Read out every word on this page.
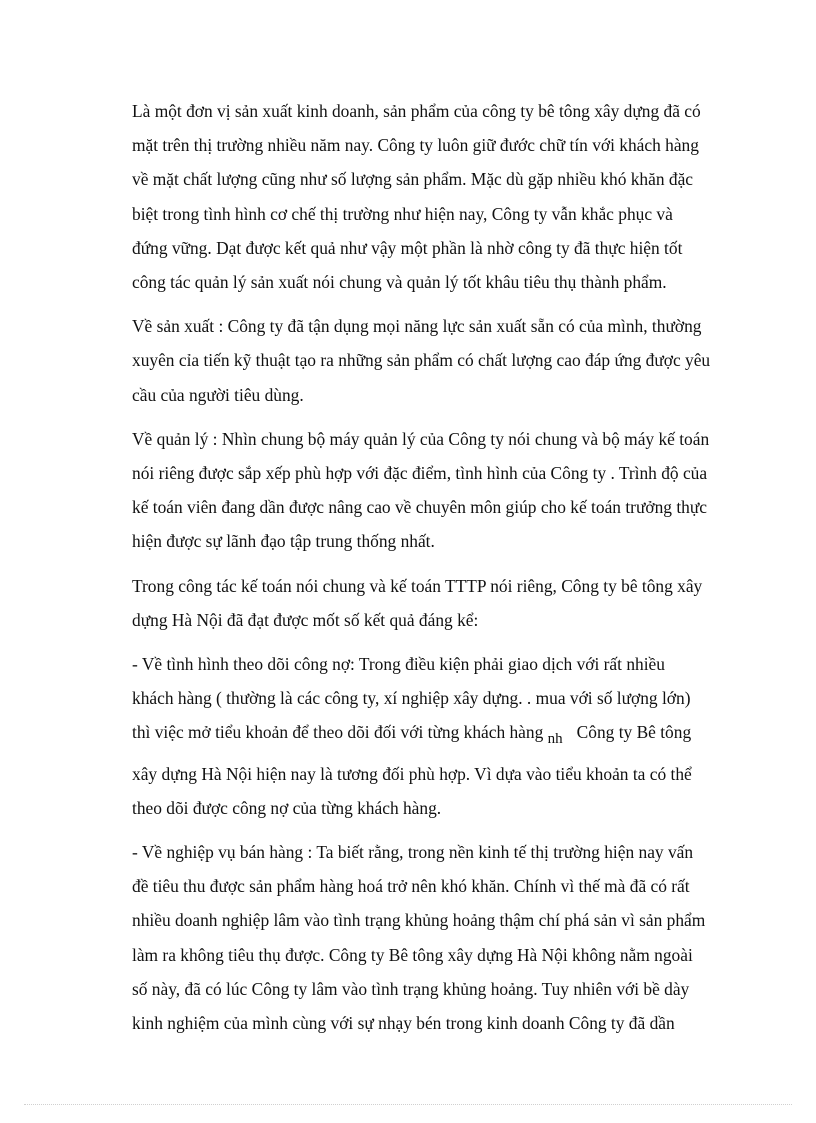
Là một đơn vị sản xuất kinh doanh, sản phẩm của công ty bê tông xây dựng đã có
mặt trên thị trường nhiều năm nay. Công ty luôn giữ đước chữ tín với khách hàng
về mặt chất lượng cũng như số lượng sản phẩm. Mặc dù gặp nhiều khó khăn đặc
biệt trong tình hình cơ chế thị trường như hiện nay, Công ty vẫn khắc phục và
đứng vững. Dạt được kết quả như vậy một phần là nhờ công ty đã thực hiện tốt
công tác quản lý sản xuất nói chung và quản lý tốt khâu tiêu thụ thành phẩm.

Về sản xuất : Công ty đã tận dụng mọi năng lực sản xuất sẵn có của mình, thường
xuyên cỉa tiến kỹ thuật tạo ra những sản phẩm có chất lượng cao đáp ứng được yêu
cầu của người tiêu dùng.

Về quản lý : Nhìn chung bộ máy quản lý của Công ty nói chung và bộ máy kế toán
nói riêng được sắp xếp phù hợp với đặc điểm, tình hình của Công ty . Trình độ của
kế toán viên đang dần được nâng cao về chuyên môn giúp cho kế toán trưởng thực
hiện được sự lãnh đạo tập trung thống nhất.

Trong công tác kế toán nói chung và kế toán TTTP nói riêng, Công ty bê tông xây
dựng Hà Nội đã đạt được mốt số kết quả đáng kể:

- Về tình hình theo dõi công nợ: Trong điều kiện phải giao dịch với rất nhiều
khách hàng ( thường là các công ty, xí nghiệp xây dựng. . mua với số lượng lớn)
thì việc mở tiểu khoản để theo dõi đối với từng khách hàng nh Công ty Bê tông
xây dựng Hà Nội hiện nay là tương đối phù hợp. Vì dựa vào tiểu khoản ta có thể
theo dõi được công nợ của từng khách hàng.

- Về nghiệp vụ bán hàng : Ta biết rằng, trong nền kinh tế thị trường hiện nay vấn
đề tiêu thu được sản phẩm hàng hoá trở nên khó khăn. Chính vì thế mà đã có rất
nhiều doanh nghiệp lâm vào tình trạng khủng hoảng thậm chí phá sản vì sản phẩm
làm ra không tiêu thụ được. Công ty Bê tông xây dựng Hà Nội không nằm ngoài
số này, đã có lúc Công ty lâm vào tình trạng khủng hoảng. Tuy nhiên với bề dày
kinh nghiệm của mình cùng với sự nhạy bén trong kinh doanh Công ty đã dần
